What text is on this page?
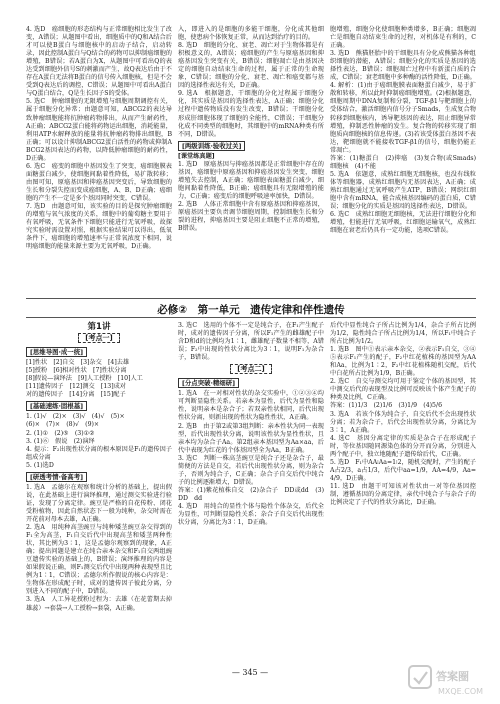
4. 选D　癌细胞的形态结构与正常细胞相比发生了改变，A错误；从题图中看出，细胞质中的Q和A结合后才可以使B蛋白与细胞核中的启动子结合，启动转录，因此控制A蛋白与Q结合的药物可以抑制癌细胞的增殖，B错误；若A蛋白为X，从题图中可看出Q的表达受到细胞外信号S的刺激而产生，故Q表达后由于不存在A蛋白无法将B蛋白的信号传入细胞核，但是不会受到Q表达后的调控，C错误；从题图中可看出A蛋白与Q蛋白结合，Q是生长因子S的受体。

5. 选C　肿瘤细胞的无限增殖与细胞周期调控有关，属于细胞分化异常；由题意可知，ABCG2的表达导致肿瘤细胞能将抗肿瘤药物排出，从而产生耐药性，A正确；ABCG2蛋白能将药物运出细胞，消耗能量，利用ATP水解释放的能量将抗肿瘤药物排出细胞，B正确；可以设计抑制ABCG2蛋白活性的药物或抑制ABCG2基因表达的药物，以降低肿瘤细胞的耐药性，D正确。

6. 选C　癌变的细胞中基因发生了突变，癌细胞膜表面糖蛋白减少，使细胞间黏着性降低，易扩散转移；由图可知，原癌基因和抑癌基因突变后，导致细胞的生长和分裂失控而变成癌细胞，A、B、D正确；癌细胞的产生不一定是多个基因同时突变，C错误。

7. 选D　由题意可知，该实验的目的是探究肿瘤细胞的增殖与氧气浓度的关系，细胞中的葡萄糖主要用于有氧呼吸，无氧条件下细胞只能进行无氧呼吸，故探究实验时需设置对照，根据实验结果可以得出，低氧条件下，癌细胞的增殖速率与正常氧浓度下相同，说明癌细胞的能量来源主要为无氧呼吸，D正确。

入，即进入的是细胞的多能干细胞，分化成其他细胞，使患病个体恢复正常，从而达到治疗的目的。

8. 选D　细胞的分化、衰老、凋亡对于生物体都是有积极意义的，A错误；癌细胞的产生与原癌基因和抑癌基因发生突变有关，B错误；细胞凋亡是由基因决定的细胞自动结束生命的过程，属于正常的生命现象，C错误；细胞的分化、衰老、凋亡和癌变都与基因的选择性表达有关，D正确。

9. 选A　根据题意，干细胞的分化过程属于细胞分化，其实质是基因的选择性表达，A正确；细胞分化过程中遗传物质没有发生改变，B错误；干细胞分化形成肝细胞体现了细胞的全能性，C错误；干细胞分化成不同类型的细胞时，其细胞中的mRNA种类有所不同，D错误。

[两级训练·验收过关]
[课堂练真题]

1. 选D　原癌基因与抑癌基因都是正常细胞中存在的基因，癌细胞中原癌基因和抑癌基因发生突变，细胞增殖失去控制，A正确；癌细胞表面糖蛋白减少，细胞间黏着性降低，B正确；癌细胞具有无限增殖的能力，C正确；癌变后的细胞呼吸速率加快，D错误。

2. 选B　人体正常细胞中含有原癌基因和抑癌基因，原癌基因主要负责调节细胞周期，控制细胞生长和分裂的进程，抑癌基因主要是阻止细胞不正常的增殖，B错误。

胞增殖，细胞分化使细胞种类增多，B正确；细胞凋亡是细胞自动结束生命的过程，对机体是有利的，C正确。

3. 选D　熊猫胚胎中的干细胞具有分化成熊猫各种组织细胞的潜能，A错误；细胞分化的实质是基因的选择性表达，B错误；细胞凋亡过程中有新蛋白质的合成，C错误；衰老细胞中多种酶的活性降低，D正确。

4. 解析：(1)由于癌细胞膜表面糖蛋白减少，易于扩散和转移，所以此时抑制癌细胞增殖。(2)根据题意，细胞周期中DNA复制和分裂，TGF-β1与靶细胞上的受体结合，激活细胞内信号分子Smads，生成复合物转移到细胞核内，诱导靶基因的表达，阻止细胞异常增殖，抑制恶性肿瘤的发生。复合物的转移实现了细胞质向细胞核的信息传递。(3)若该受体蛋白基因不表达，靶细胞就不能接收TGF-β1的信号，细胞仍能正常凋亡。

答案：(1)糖蛋白　(2)抑癌　(3)复合物(或Smads)　细胞核　(4)不能

5. 选A　依题意，成熟红细胞无细胞核，也没有线粒体等细胞器，成熟红细胞内无基因表达，A正确；成熟红细胞通过无氧呼吸产生ATP，B错误；网织红细胞中含有mRNA，能合成核基因编码的蛋白质，C错误；细胞分化的实质是基因的选择性表达，D错误。

6. 选C　成熟红细胞无细胞核，无法进行细胞分化和增殖，但能进行无氧呼吸，红细胞运输氧气，成熟红细胞在衰老后仍具有一定功能，选项C错误。

必修②　第一单元　遗传定律和伴性遗传
第1讲
[考点一]
[思维导图·成一统]

[1]性状　[2]自交　[3]杂交　[4]去雄

[5]授粉　[6]相对性状　[7]性状分离

[8]假说—演绎法　[9]人工授粉　[10]人工

[11]遗传因子　[12]测交　[13]成对

对的遗传因子　[14]分离　[15]配子

[基础速练·固根基]

1. (1)√　(2)×　(3)√　(4)√　(5)×

(6)×　(7)×　(8)√　(9)×

2. (1)①　(2)⑤　(3)①②

3. (1)⑥　假说　(2)演绎

4. 提示：F₂出现性状分离的根本原因是F₁的遗传因子组成分离

5. (1)选D

[研透考情·备高考]

1. 选A　孟德尔在观察和统计分析的基础上，提出假说，在此基础上进行演绎推理，通过测交实验进行验证，发现了分离定律。豌豆是严格的自花传粉、闭花受粉植物，因此自然状态下一般为纯种，杂交时需在开花前对母本去雄，A正确。

2. 选A　用纯种高茎豌豆与纯种矮茎豌豆杂交得到的F₁全为高茎，F₁自交后代中出现高茎和矮茎两种性状，其比例为3∶1，这是孟德尔观察到的现象，A正确；提出问题是建立在纯合亲本杂交和F₁自交两组豌豆遗传实验的基础上的，B错误；演绎推理的内容是如果假说正确，则F₁测交后代中出现两种表现型且比例为1∶1，C错误；孟德尔所作假说的核心内容是：生物体在形成配子时，成对的遗传因子彼此分离，分别进入不同的配子中，D错误。

3. 选A　人工异花授粉过程为：去雄（在花蕾期去掉雄蕊）→套袋→人工授粉→套袋，A正确。

3. 选C　选用的个体不一定是纯合子，在F₁产生配子时，成对的遗传因子分离，所以F₁产生的雌雄配子中含D和d的比例均为1∶1，雌雄配子数量不相等，A错误；F₂中出现的性状分离比为3∶1，说明F₁为杂合子，B错误。

[考点二]
[分点突破·精细研]

1. 选A　在一对相对性状的杂交实验中，①②③④均可判断显隐性关系。若亲本为显性，后代为显性和隐性，说明亲本是杂合子；若双亲性状相同，后代出现性状分离，则新出现的性状为隐性性状，A正确。

2. 选B　由于第2或第3组判断：亲本性状为同一表现型，后代出现性状分离，说明该性状为显性性状，且亲本均为杂合子Aa。第2组亲本基因型为Aa×aa，后代中表现为红花的个体基因型全为Aa，B正确。

3. 选C　判断一株高茎豌豆是纯合子还是杂合子，最简便的方法是自交，若后代出现性状分离，则为杂合子，否则为纯合子，C正确；杂合子自交后代中纯合子的比例逐渐增大，D错误。

答案：(1)紫花植株自交　(2)杂合子　DD或dd　(3)DD　dd

4. 选D　用纯合的显性个体与隐性个体杂交，后代全为显性，可判断显隐性关系；杂合子自交后代出现性状分离，分离比为3∶1，D正确。

后代中显性纯合子所占比例为1/4，杂合子所占比例为1/2，隐性纯合子所占比例为1/4，所以F₁中纯合子所占比例为1/2。

1. 选B　图中①表示亲本杂交，②表示F₁自交，③④⑤表示F₁产生的配子，F₂中红花植株的基因型为AA和Aa，比例为1∶2，F₂中红花植株随机交配，后代中白花所占比例为1/9，B正确。

2. 选C　自交与测交均可用于鉴定个体的基因型，其中测交后代的表现型及比例可反映该个体产生配子的种类及比例，C正确。

答案：(1)1/3　(2)1/6　(3)1/9　(4)5/6

3. 选A　若该个体为纯合子，自交后代不会出现性状分离；若为杂合子，后代会出现性状分离，分离比为3∶1，A正确。

4. 选C　基因分离定律的实质是杂合子在形成配子时，等位基因随同源染色体的分开而分离，分别进入两个配子中，独立地随配子遗传给后代，C正确。

5. 选D　F₁中AA∶Aa=1∶2，随机交配时，产生的配子A占2/3，a占1/3，后代中aa=1/9，AA=4/9，Aa=4/9，D正确。

11. 选D　由题干可知该对性状由一对等位基因控制，遵循基因的分离定律，亲代中纯合子与杂合子的比例决定了子代的性状分离比，D正确。

— 345 —	答案圈
MXQE.COM
